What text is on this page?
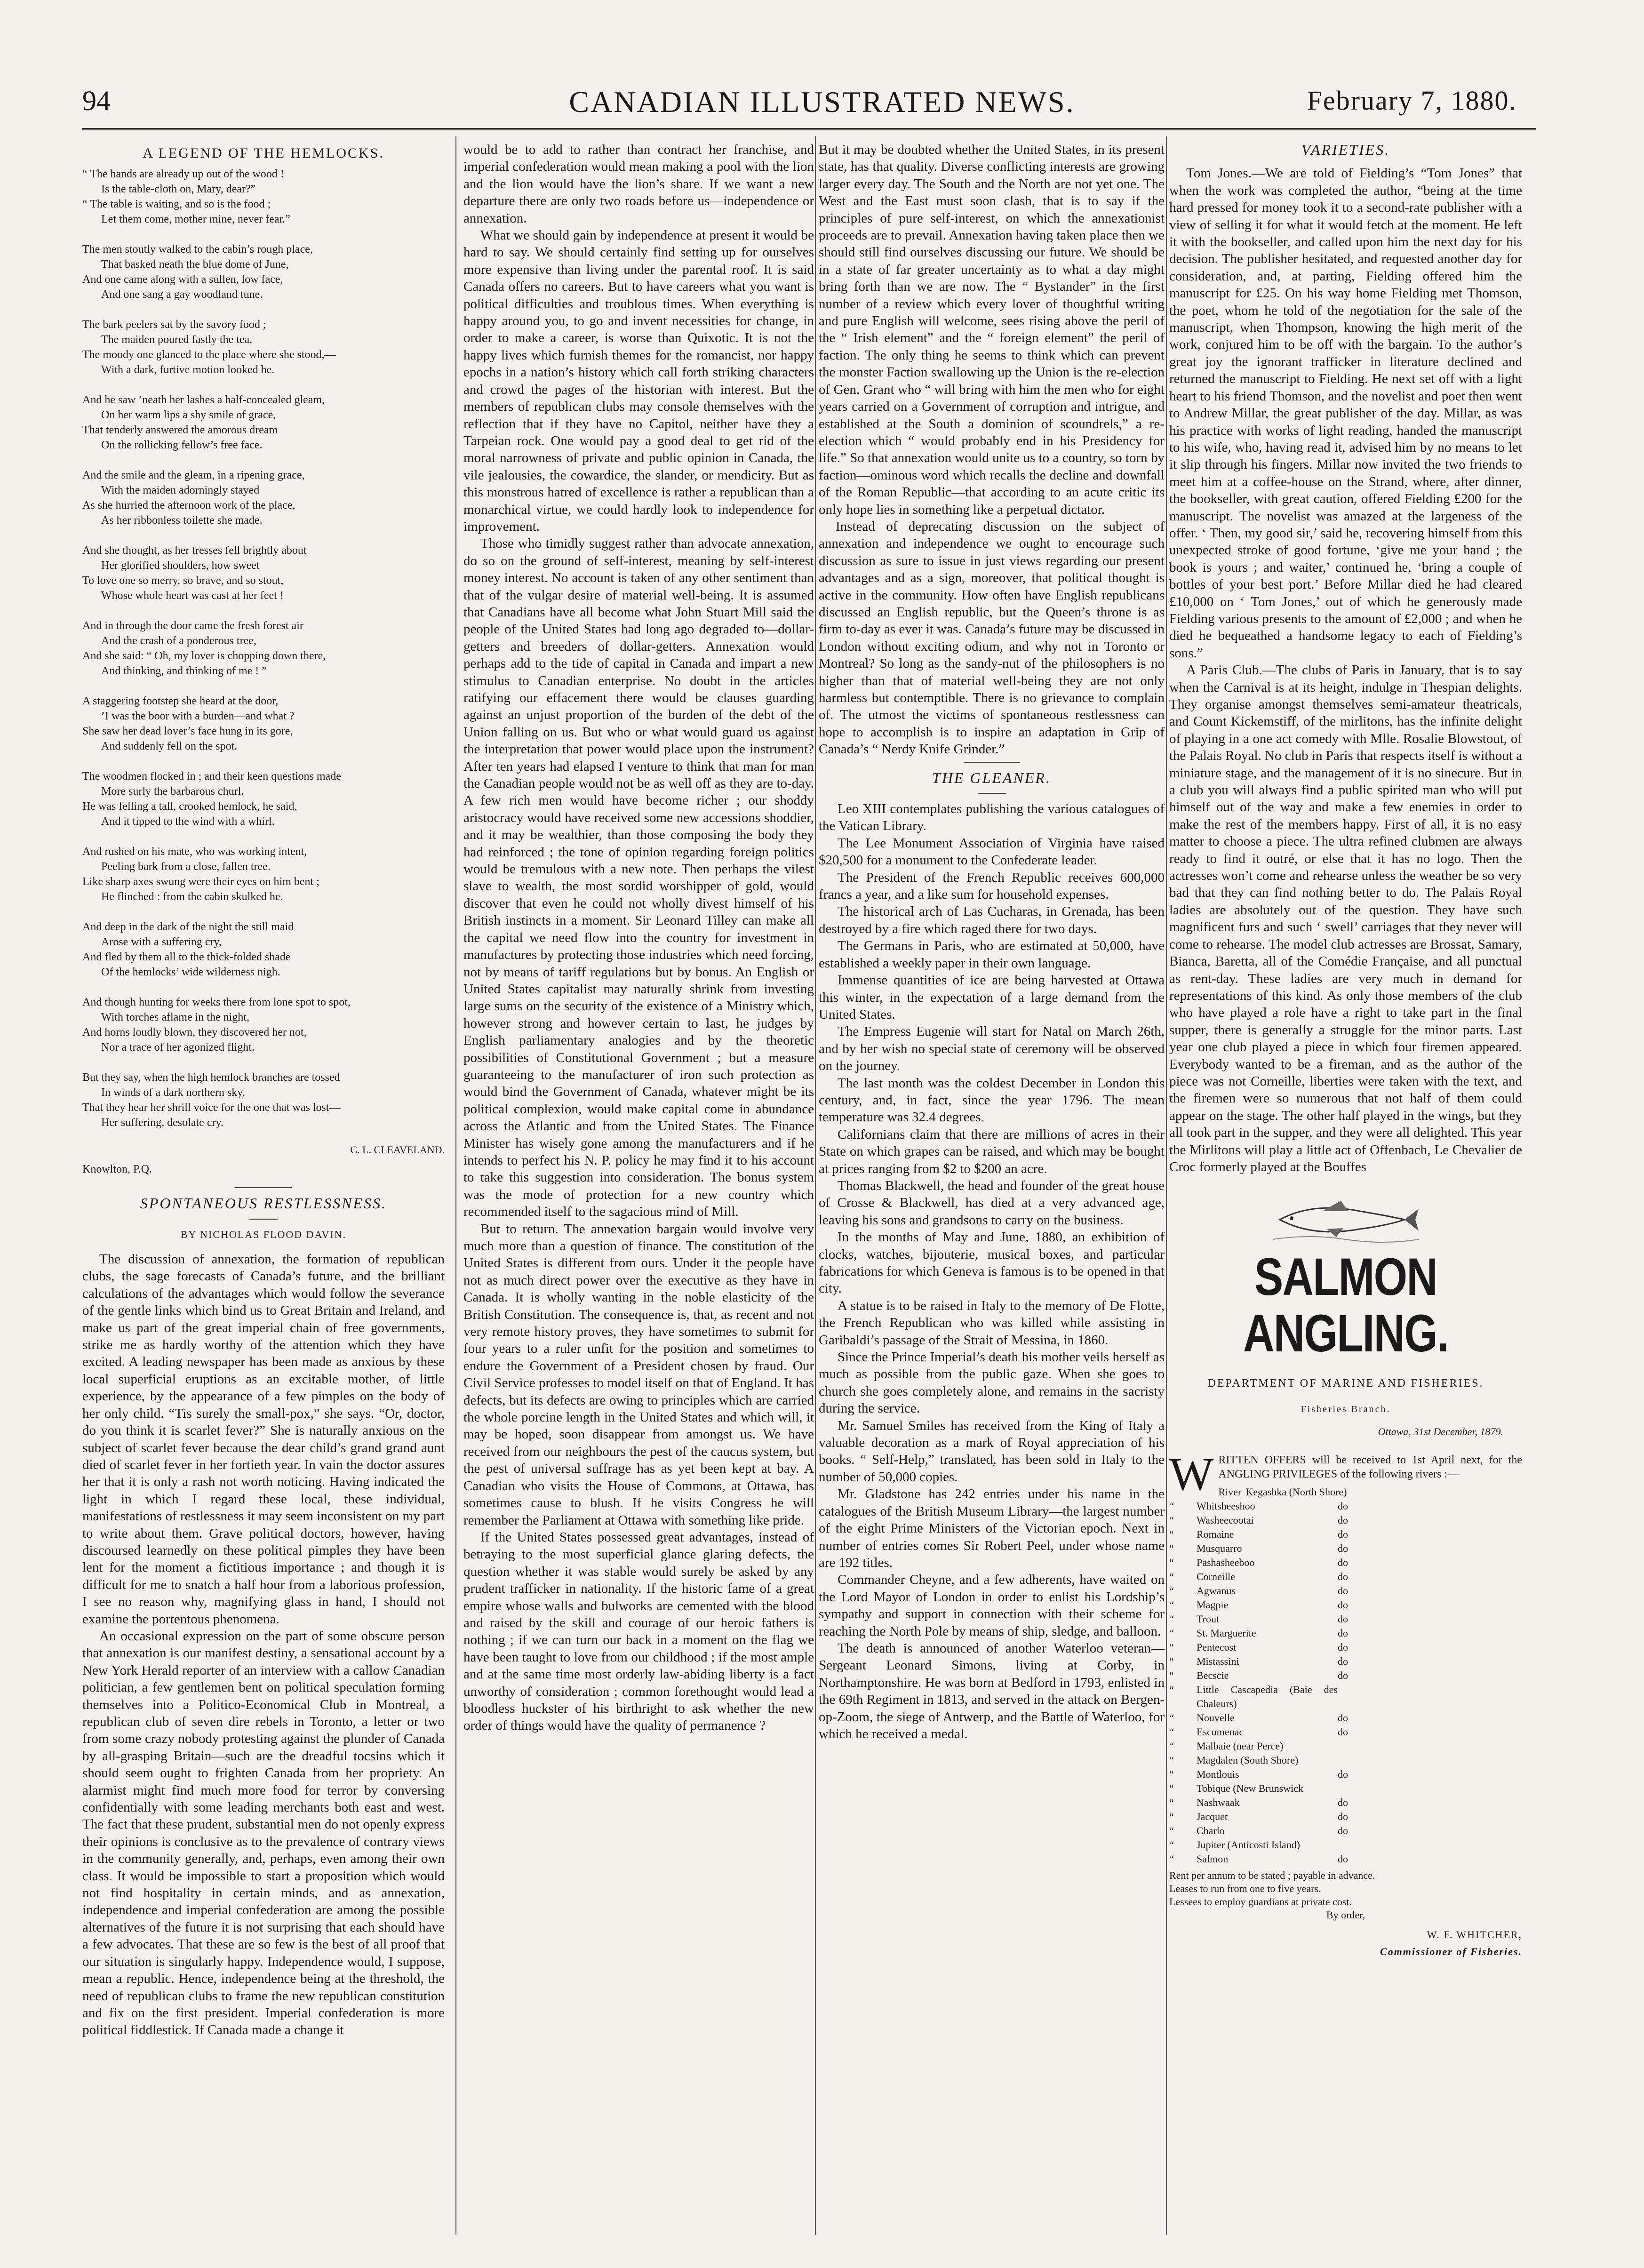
94	CANADIAN ILLUSTRATED NEWS.	February 7, 1880.
A LEGEND OF THE HEMLOCKS.
“ The hands are already up out of the wood !
Is the table-cloth on, Mary, dear?”
“ The table is waiting, and so is the food ;
Let them come, mother mine, never fear.”
The men stoutly walked to the cabin’s rough place,
That basked neath the blue dome of June,
And one came along with a sullen, low face,
And one sang a gay woodland tune.
The bark peelers sat by the savory food ;
The maiden poured fastly the tea.
The moody one glanced to the place where she stood,—
With a dark, furtive motion looked he.
And he saw ’neath her lashes a half-concealed gleam,
On her warm lips a shy smile of grace,
That tenderly answered the amorous dream
On the rollicking fellow’s free face.
And the smile and the gleam, in a ripening grace,
With the maiden adorningly stayed
As she hurried the afternoon work of the place,
As her ribbonless toilette she made.
And she thought, as her tresses fell brightly about
Her glorified shoulders, how sweet
To love one so merry, so brave, and so stout,
Whose whole heart was cast at her feet !
And in through the door came the fresh forest air
And the crash of a ponderous tree,
And she said: “ Oh, my lover is chopping down there,
And thinking, and thinking of me ! ”
A staggering footstep she heard at the door,
’I was the boor with a burden—and what ?
She saw her dead lover’s face hung in its gore,
And suddenly fell on the spot.
The woodmen flocked in ; and their keen questions made
More surly the barbarous churl.
He was felling a tall, crooked hemlock, he said,
And it tipped to the wind with a whirl.
And rushed on his mate, who was working intent,
Peeling bark from a close, fallen tree.
Like sharp axes swung were their eyes on him bent ;
He flinched : from the cabin skulked he.
And deep in the dark of the night the still maid
Arose with a suffering cry,
And fled by them all to the thick-folded shade
Of the hemlocks’ wide wilderness nigh.
And though hunting for weeks there from lone spot to spot,
With torches aflame in the night,
And horns loudly blown, they discovered her not,
Nor a trace of her agonized flight.
But they say, when the high hemlock branches are tossed
In winds of a dark northern sky,
That they hear her shrill voice for the one that was lost—
Her suffering, desolate cry.
C. L. CLEAVELAND.
Knowlton, P.Q.
SPONTANEOUS RESTLESSNESS.
BY NICHOLAS FLOOD DAVIN.

The discussion of annexation, the formation of republican clubs, the sage forecasts of Canada’s future, and the brilliant calculations of the advantages which would follow the severance of the gentle links which bind us to Great Britain and Ireland, and make us part of the great imperial chain of free governments, strike me as hardly worthy of the attention which they have excited. A leading newspaper has been made as anxious by these local superficial eruptions as an excitable mother, of little experience, by the appearance of a few pimples on the body of her only child. “Tis surely the small-pox,” she says. “Or, doctor, do you think it is scarlet fever?” She is naturally anxious on the subject of scarlet fever because the dear child’s grand grand aunt died of scarlet fever in her fortieth year. In vain the doctor assures her that it is only a rash not worth noticing. Having indicated the light in which I regard these local, these individual, manifestations of restlessness it may seem inconsistent on my part to write about them. Grave political doctors, however, having discoursed learnedly on these political pimples they have been lent for the moment a fictitious importance ; and though it is difficult for me to snatch a half hour from a laborious profession, I see no reason why, magnifying glass in hand, I should not examine the portentous phenomena.

An occasional expression on the part of some obscure person that annexation is our manifest destiny, a sensational account by a New York Herald reporter of an interview with a callow Canadian politician, a few gentlemen bent on political speculation forming themselves into a Politico-Economical Club in Montreal, a republican club of seven dire rebels in Toronto, a letter or two from some crazy nobody protesting against the plunder of Canada by all-grasping Britain—such are the dreadful tocsins which it should seem ought to frighten Canada from her propriety. An alarmist might find much more food for terror by conversing confidentially with some leading merchants both east and west. The fact that these prudent, substantial men do not openly express their opinions is conclusive as to the prevalence of contrary views in the community generally, and, perhaps, even among their own class. It would be impossible to start a proposition which would not find hospitality in certain minds, and as annexation, independence and imperial confederation are among the possible alternatives of the future it is not surprising that each should have a few advocates. That these are so few is the best of all proof that our situation is singularly happy. Independence would, I suppose, mean a republic. Hence, independence being at the threshold, the need of republican clubs to frame the new republican constitution and fix on the first president. Imperial confederation is more political fiddlestick. If Canada made a change it

would be to add to rather than contract her franchise, and imperial confederation would mean making a pool with the lion and the lion would have the lion’s share. If we want a new departure there are only two roads before us—independence or annexation.

What we should gain by independence at present it would be hard to say. We should certainly find setting up for ourselves more expensive than living under the parental roof. It is said Canada offers no careers. But to have careers what you want is political difficulties and troublous times. When everything is happy around you, to go and invent necessities for change, in order to make a career, is worse than Quixotic. It is not the happy lives which furnish themes for the romancist, nor happy epochs in a nation’s history which call forth striking characters and crowd the pages of the historian with interest. But the members of republican clubs may console themselves with the reflection that if they have no Capitol, neither have they a Tarpeian rock. One would pay a good deal to get rid of the moral narrowness of private and public opinion in Canada, the vile jealousies, the cowardice, the slander, or mendicity. But as this monstrous hatred of excellence is rather a republican than a monarchical virtue, we could hardly look to independence for improvement.

Those who timidly suggest rather than advocate annexation, do so on the ground of self-interest, meaning by self-interest money interest. No account is taken of any other sentiment than that of the vulgar desire of material well-being. It is assumed that Canadians have all become what John Stuart Mill said the people of the United States had long ago degraded to—dollar-getters and breeders of dollar-getters. Annexation would perhaps add to the tide of capital in Canada and impart a new stimulus to Canadian enterprise. No doubt in the articles ratifying our effacement there would be clauses guarding against an unjust proportion of the burden of the debt of the Union falling on us. But who or what would guard us against the interpretation that power would place upon the instrument? After ten years had elapsed I venture to think that man for man the Canadian people would not be as well off as they are to-day. A few rich men would have become richer ; our shoddy aristocracy would have received some new accessions shoddier, and it may be wealthier, than those composing the body they had reinforced ; the tone of opinion regarding foreign politics would be tremulous with a new note. Then perhaps the vilest slave to wealth, the most sordid worshipper of gold, would discover that even he could not wholly divest himself of his British instincts in a moment. Sir Leonard Tilley can make all the capital we need flow into the country for investment in manufactures by protecting those industries which need forcing, not by means of tariff regulations but by bonus. An English or United States capitalist may naturally shrink from investing large sums on the security of the existence of a Ministry which, however strong and however certain to last, he judges by English parliamentary analogies and by the theoretic possibilities of Constitutional Government ; but a measure guaranteeing to the manufacturer of iron such protection as would bind the Government of Canada, whatever might be its political complexion, would make capital come in abundance across the Atlantic and from the United States. The Finance Minister has wisely gone among the manufacturers and if he intends to perfect his N. P. policy he may find it to his account to take this suggestion into consideration. The bonus system was the mode of protection for a new country which recommended itself to the sagacious mind of Mill.

But to return. The annexation bargain would involve very much more than a question of finance. The constitution of the United States is different from ours. Under it the people have not as much direct power over the executive as they have in Canada. It is wholly wanting in the noble elasticity of the British Constitution. The consequence is, that, as recent and not very remote history proves, they have sometimes to submit for four years to a ruler unfit for the position and sometimes to endure the Government of a President chosen by fraud. Our Civil Service professes to model itself on that of England. It has defects, but its defects are owing to principles which are carried the whole porcine length in the United States and which will, it may be hoped, soon disappear from amongst us. We have received from our neighbours the pest of the caucus system, but the pest of universal suffrage has as yet been kept at bay. A Canadian who visits the House of Commons, at Ottawa, has sometimes cause to blush. If he visits Congress he will remember the Parliament at Ottawa with something like pride.

If the United States possessed great advantages, instead of betraying to the most superficial glance glaring defects, the question whether it was stable would surely be asked by any prudent trafficker in nationality. If the historic fame of a great empire whose walls and bulworks are cemented with the blood and raised by the skill and courage of our heroic fathers is nothing ; if we can turn our back in a moment on the flag we have been taught to love from our childhood ; if the most ample and at the same time most orderly law-abiding liberty is a fact unworthy of consideration ; common forethought would lead a bloodless huckster of his birthright to ask whether the new order of things would have the quality of permanence ?

But it may be doubted whether the United States, in its present state, has that quality. Diverse conflicting interests are growing larger every day. The South and the North are not yet one. The West and the East must soon clash, that is to say if the principles of pure self-interest, on which the annexationist proceeds are to prevail. Annexation having taken place then we should still find ourselves discussing our future. We should be in a state of far greater uncertainty as to what a day might bring forth than we are now. The “ Bystander” in the first number of a review which every lover of thoughtful writing and pure English will welcome, sees rising above the peril of the “ Irish element” and the “ foreign element” the peril of faction. The only thing he seems to think which can prevent the monster Faction swallowing up the Union is the re-election of Gen. Grant who “ will bring with him the men who for eight years carried on a Government of corruption and intrigue, and established at the South a dominion of scoundrels,” a re-election which “ would probably end in his Presidency for life.” So that annexation would unite us to a country, so torn by faction—ominous word which recalls the decline and downfall of the Roman Republic—that according to an acute critic its only hope lies in something like a perpetual dictator.

Instead of deprecating discussion on the subject of annexation and independence we ought to encourage such discussion as sure to issue in just views regarding our present advantages and as a sign, moreover, that political thought is active in the community. How often have English republicans discussed an English republic, but the Queen’s throne is as firm to-day as ever it was. Canada’s future may be discussed in London without exciting odium, and why not in Toronto or Montreal? So long as the sandy-nut of the philosophers is no higher than that of material well-being they are not only harmless but contemptible. There is no grievance to complain of. The utmost the victims of spontaneous restlessness can hope to accomplish is to inspire an adaptation in Grip of Canada’s “ Nerdy Knife Grinder.”

THE GLEANER.

Leo XIII contemplates publishing the various catalogues of the Vatican Library.

The Lee Monument Association of Virginia have raised $20,500 for a monument to the Confederate leader.

The President of the French Republic receives 600,000 francs a year, and a like sum for household expenses.

The historical arch of Las Cucharas, in Grenada, has been destroyed by a fire which raged there for two days.

The Germans in Paris, who are estimated at 50,000, have established a weekly paper in their own language.

Immense quantities of ice are being harvested at Ottawa this winter, in the expectation of a large demand from the United States.

The Empress Eugenie will start for Natal on March 26th, and by her wish no special state of ceremony will be observed on the journey.

The last month was the coldest December in London this century, and, in fact, since the year 1796. The mean temperature was 32.4 degrees.

Californians claim that there are millions of acres in their State on which grapes can be raised, and which may be bought at prices ranging from $2 to $200 an acre.

Thomas Blackwell, the head and founder of the great house of Crosse & Blackwell, has died at a very advanced age, leaving his sons and grandsons to carry on the business.

In the months of May and June, 1880, an exhibition of clocks, watches, bijouterie, musical boxes, and particular fabrications for which Geneva is famous is to be opened in that city.

A statue is to be raised in Italy to the memory of De Flotte, the French Republican who was killed while assisting in Garibaldi’s passage of the Strait of Messina, in 1860.

Since the Prince Imperial’s death his mother veils herself as much as possible from the public gaze. When she goes to church she goes completely alone, and remains in the sacristy during the service.

Mr. Samuel Smiles has received from the King of Italy a valuable decoration as a mark of Royal appreciation of his books. “ Self-Help,” translated, has been sold in Italy to the number of 50,000 copies.

Mr. Gladstone has 242 entries under his name in the catalogues of the British Museum Library—the largest number of the eight Prime Ministers of the Victorian epoch. Next in number of entries comes Sir Robert Peel, under whose name are 192 titles.

Commander Cheyne, and a few adherents, have waited on the Lord Mayor of London in order to enlist his Lordship’s sympathy and support in connection with their scheme for reaching the North Pole by means of ship, sledge, and balloon.

The death is announced of another Waterloo veteran—Sergeant Leonard Simons, living at Corby, in Northamptonshire. He was born at Bedford in 1793, enlisted in the 69th Regiment in 1813, and served in the attack on Bergen-op-Zoom, the siege of Antwerp, and the Battle of Waterloo, for which he received a medal.

VARIETIES.

Tom Jones.—We are told of Fielding’s “Tom Jones” that when the work was completed the author, “being at the time hard pressed for money took it to a second-rate publisher with a view of selling it for what it would fetch at the moment. He left it with the bookseller, and called upon him the next day for his decision. The publisher hesitated, and requested another day for consideration, and, at parting, Fielding offered him the manuscript for £25. On his way home Fielding met Thomson, the poet, whom he told of the negotiation for the sale of the manuscript, when Thompson, knowing the high merit of the work, conjured him to be off with the bargain. To the author’s great joy the ignorant trafficker in literature declined and returned the manuscript to Fielding. He next set off with a light heart to his friend Thomson, and the novelist and poet then went to Andrew Millar, the great publisher of the day. Millar, as was his practice with works of light reading, handed the manuscript to his wife, who, having read it, advised him by no means to let it slip through his fingers. Millar now invited the two friends to meet him at a coffee-house on the Strand, where, after dinner, the bookseller, with great caution, offered Fielding £200 for the manuscript. The novelist was amazed at the largeness of the offer. ‘ Then, my good sir,’ said he, recovering himself from this unexpected stroke of good fortune, ‘give me your hand ; the book is yours ; and waiter,’ continued he, ‘bring a couple of bottles of your best port.’ Before Millar died he had cleared £10,000 on ‘ Tom Jones,’ out of which he generously made Fielding various presents to the amount of £2,000 ; and when he died he bequeathed a handsome legacy to each of Fielding’s sons.”

A Paris Club.—The clubs of Paris in January, that is to say when the Carnival is at its height, indulge in Thespian delights. They organise amongst themselves semi-amateur theatricals, and Count Kickemstiff, of the mirlitons, has the infinite delight of playing in a one act comedy with Mlle. Rosalie Blowstout, of the Palais Royal. No club in Paris that respects itself is without a miniature stage, and the management of it is no sinecure. But in a club you will always find a public spirited man who will put himself out of the way and make a few enemies in order to make the rest of the members happy. First of all, it is no easy matter to choose a piece. The ultra refined clubmen are always ready to find it outré, or else that it has no logo. Then the actresses won’t come and rehearse unless the weather be so very bad that they can find nothing better to do. The Palais Royal ladies are absolutely out of the question. They have such magnificent furs and such ‘ swell’ carriages that they never will come to rehearse. The model club actresses are Brossat, Samary, Bianca, Baretta, all of the Comédie Française, and all punctual as rent-day. These ladies are very much in demand for representations of this kind. As only those members of the club who have played a role have a right to take part in the final supper, there is generally a struggle for the minor parts. Last year one club played a piece in which four firemen appeared. Everybody wanted to be a fireman, and as the author of the piece was not Corneille, liberties were taken with the text, and the firemen were so numerous that not half of them could appear on the stage. The other half played in the wings, but they all took part in the supper, and they were all delighted. This year the Mirlitons will play a little act of Offenbach, Le Chevalier de Croc formerly played at the Bouffes

SALMON ANGLING.
DEPARTMENT OF MARINE AND FISHERIES.
Fisheries Branch.
Ottawa, 31st December, 1879.

WRITTEN OFFERS will be received to 1st April next, for the ANGLING PRIVILEGES of the following rivers :—

River Kegashka (North Shore)
“	Whitsheeshoo	do
“	Washeecootai	do
“	Romaine	do
“	Musquarro	do
“	Pashasheeboo	do
“	Corneille	do
“	Agwanus	do
“	Magpie	do
“	Trout	do
“	St. Marguerite	do
“	Pentecost	do
“	Mistassini	do
“	Becscie	do
“	Little Cascapedia (Baie des Chaleurs)
“	Nouvelle	do
“	Escumenac	do
“	Malbaie (near Perce)
“	Magdalen (South Shore)
“	Montlouis	do
“	Tobique (New Brunswick
“	Nashwaak	do
“	Jacquet	do
“	Charlo	do
“	Jupiter (Anticosti Island)
“	Salmon	do
Rent per annum to be stated ; payable in advance.
Leases to run from one to five years.
Lessees to employ guardians at private cost.
By order,
W. F. WHITCHER,
Commissioner of Fisheries.
